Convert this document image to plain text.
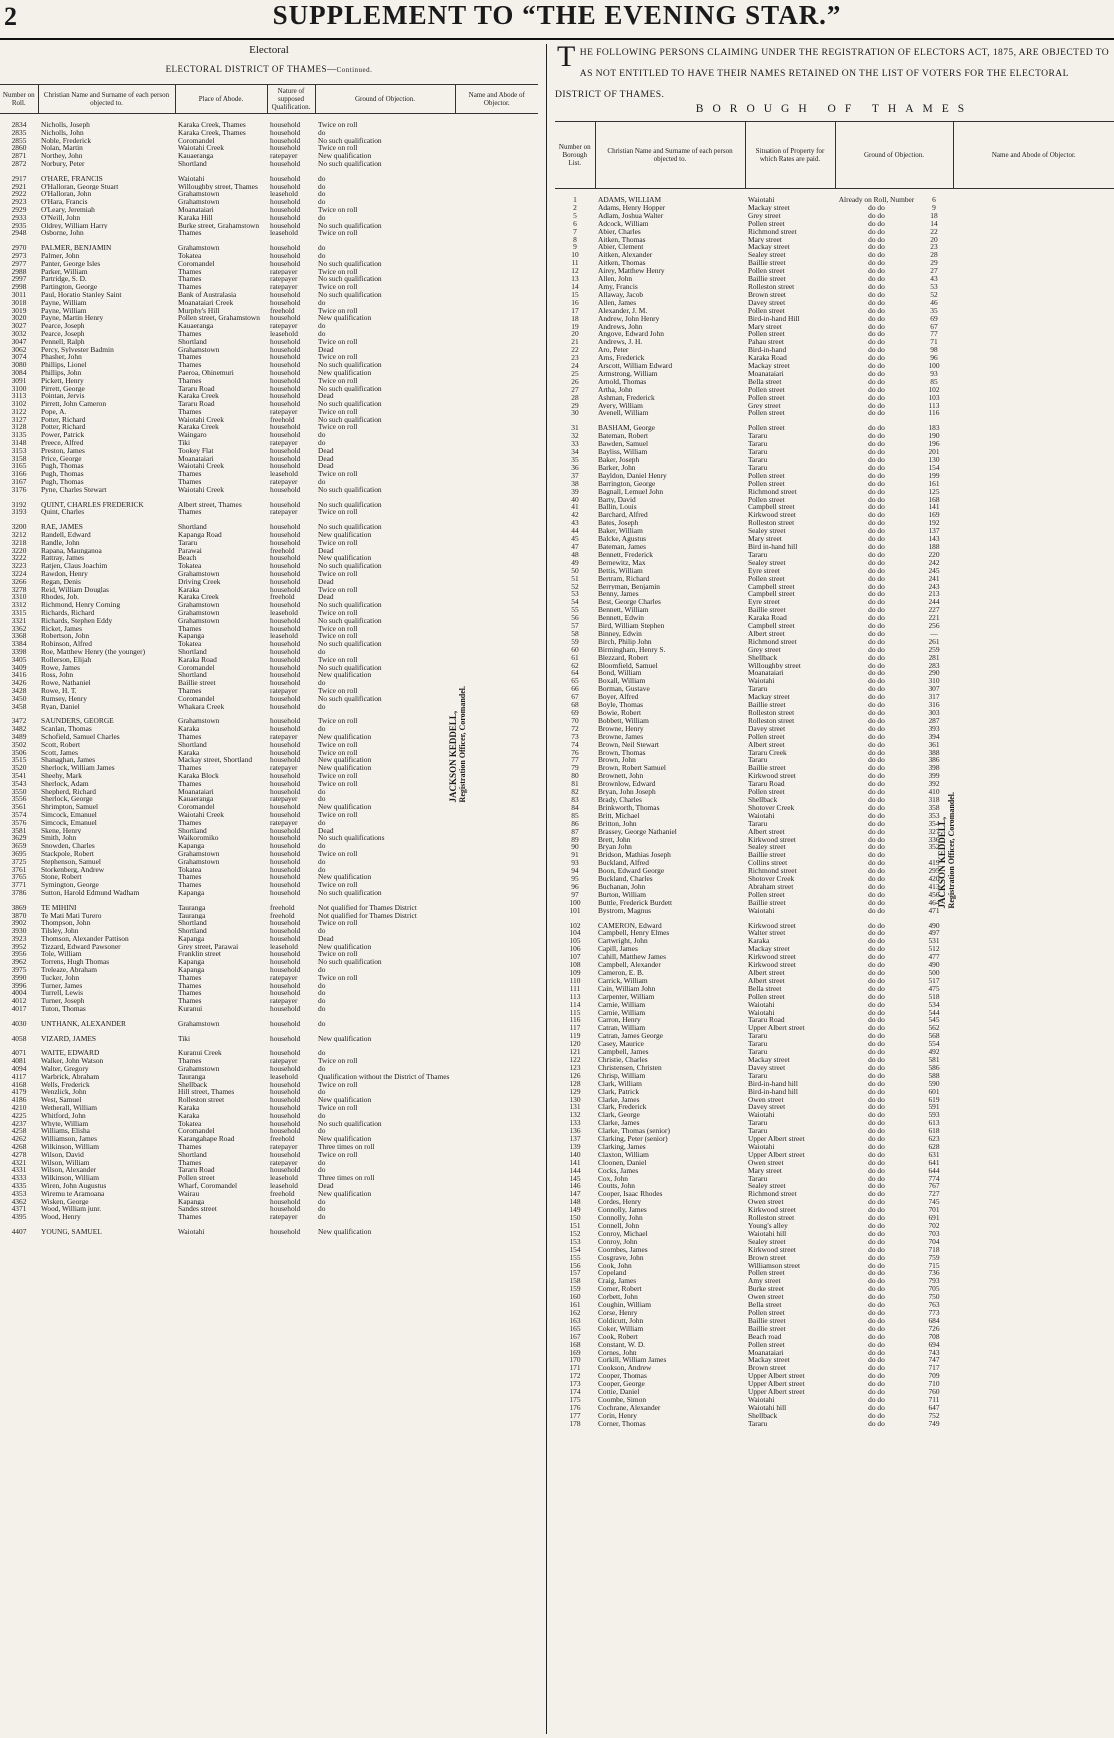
2	SUPPLEMENT TO “THE EVENING STAR.”
Electoral
ELECTORAL DISTRICT OF THAMES—Continued.
Number on Roll.	Christian Name and Surname of each person objected to.	Place of Abode.	Nature of supposed Qualification.	Ground of Objection.	Name and Abode of Objector.

2834	Nicholls, Joseph	Karaka Creek, Thames	household	Twice on roll	
2835	Nicholls, John	Karaka Creek, Thames	household	do	
2855	Noble, Frederick	Coromandel	household	No such qualification	
2860	Nolan, Martin	Waiotahi Creek	household	Twice on roll	
2871	Northey, John	Kauaeranga	ratepayer	New qualification	
2872	Norbury, Peter	Shortland	household	No such qualification	

2917	O'HARE, FRANCIS	Waiotahi	household	do	
2921	O'Halloran, George Stuart	Willoughby street, Thames	household	do	
2922	O'Halloran, John	Grahamstown	leasehold	do	
2923	O'Hara, Francis	Grahamstown	household	do	
2929	O'Leary, Jeremiah	Moanataiari	household	Twice on roll	
2933	O'Neill, John	Karaka Hill	household	do	
2935	Oldrey, William Harry	Burke street, Grahamstown	household	No such qualification	
2948	Osborne, John	Thames	leasehold	Twice on roll	

2970	PALMER, BENJAMIN	Grahamstown	household	do	
2973	Palmer, John	Tokatea	household	do	
2977	Panter, George Isles	Coromandel	household	No such qualification	
2988	Parker, William	Thames	ratepayer	Twice on roll	
2997	Partridge, S. D.	Thames	ratepayer	No such qualification	
2998	Partington, George	Thames	ratepayer	Twice on roll	
3011	Paul, Horatio Stanley Saint	Bank of Australasia	household	No such qualification	
3018	Payne, William	Moanataiari Creek	household	do	
3019	Payne, William	Murphy's Hill	freehold	Twice on roll	
3020	Payne, Martin Henry	Pollen street, Grahamstown	household	New qualification	
3027	Pearce, Joseph	Kauaeranga	ratepayer	do	
3032	Pearce, Joseph	Thames	leasehold	do	
3047	Pennell, Ralph	Shortland	household	Twice on roll	
3062	Percy, Sylvester Badmin	Grahamstown	household	Dead	
3074	Phasher, John	Thames	household	Twice on roll	
3080	Phillips, Lionel	Thames	household	No such qualification	
3084	Phillips, John	Paeroa, Ohinemuri	household	New qualification	
3091	Pickett, Henry	Thames	household	Twice on roll	
3100	Pirrett, George	Tararu Road	household	No such qualification	
3113	Pointan, Jervis	Karaka Creek	household	Dead	
3102	Pirrett, John Cameron	Tararu Road	household	No such qualification	
3122	Pope, A.	Thames	ratepayer	Twice on roll	
3127	Potter, Richard	Waiotahi Creek	freehold	No such qualification	
3128	Potter, Richard	Karaka Creek	household	Twice on roll	
3135	Power, Patrick	Waingaro	household	do	
3148	Preece, Alfred	Tiki	ratepayer	do	
3153	Preston, James	Tookey Flat	household	Dead	
3158	Price, George	Moanataiari	household	Dead	
3165	Pugh, Thomas	Waiotahi Creek	household	Dead	
3166	Pugh, Thomas	Thames	leasehold	Twice on roll	
3167	Pugh, Thomas	Thames	ratepayer	do	
3176	Pyne, Charles Stewart	Waiotahi Creek	household	No such qualification	

3192	QUINT, CHARLES FREDERICK	Albert street, Thames	household	No such qualification	
3193	Quint, Charles	Thames	ratepayer	Twice on roll	

3200	RAE, JAMES	Shortland	household	No such qualification	
3212	Randell, Edward	Kapanga Road	household	New qualification	
3218	Randle, John	Tararu	household	Twice on roll	
3220	Rapana, Maunganoa	Parawai	freehold	Dead	
3222	Rattray, James	Beach	household	New qualification	
3223	Ratjen, Claus Joachim	Tokatea	household	No such qualification	
3224	Rawdon, Henry	Grahamstown	household	Twice on roll	
3266	Regan, Denis	Driving Creek	household	Dead	
3278	Reid, William Douglas	Karaka	household	Twice on roll	
3310	Rhodes, Job.	Karaka Creek	freehold	Dead	
3312	Richmond, Henry Corning	Grahamstown	household	No such qualification	
3315	Richards, Richard	Grahamstown	leasehold	Twice on roll	
3321	Richards, Stephen Eddy	Grahamstown	household	No such qualification	
3362	Ricket, James	Thames	household	Twice on roll	
3368	Robertson, John	Kapanga	leasehold	Twice on roll	
3384	Robinson, Alfred	Tokatea	household	No such qualification	
3398	Roe, Matthew Henry (the younger)	Shortland	household	do	
3405	Rollerson, Elijah	Karaka Road	household	Twice on roll	
3409	Rowe, James	Coromandel	household	No such qualification	
3416	Ross, John	Shortland	household	New qualification	
3426	Rowe, Nathaniel	Baillie street	household	do	
3428	Rowe, H. T.	Thames	ratepayer	Twice on roll	
3450	Rumsey, Henry	Coromandel	household	No such qualification	
3458	Ryan, Daniel	Whakara Creek	household	do	

3472	SAUNDERS, GEORGE	Grahamstown	household	Twice on roll	
3482	Scanlan, Thomas	Karaka	household	do	
3489	Schofield, Samuel Charles	Thames	ratepayer	New qualification	
3502	Scott, Robert	Shortland	household	Twice on roll	
3506	Scott, James	Karaka	household	Twice on roll	
3515	Shanaghan, James	Mackay street, Shortland	household	New qualification	
3520	Sherlock, William James	Thames	ratepayer	New qualification	
3541	Sheehy, Mark	Karaka Block	household	Twice on roll	
3543	Sherlock, Adam	Thames	household	Twice on roll	
3550	Shepherd, Richard	Moanataiari	household	do	
3556	Sherlock, George	Kauaeranga	ratepayer	do	
3561	Shrimpton, Samuel	Coromandel	household	New qualification	
3574	Simcock, Emanuel	Waiotahi Creek	household	Twice on roll	
3576	Simcock, Emanuel	Thames	ratepayer	do	
3581	Skene, Henry	Shortland	household	Dead	
3629	Smith, John	Waikoromiko	household	No such qualifications	
3659	Snowden, Charles	Kapanga	household	do	
3695	Stackpole, Robert	Grahamstown	household	Twice on roll	
3725	Stephenson, Samuel	Grahamstown	household	do	
3761	Storkenberg, Andrew	Tokatea	household	do	
3765	Stone, Robert	Thames	household	New qualification	
3771	Symington, George	Thames	household	Twice on roll	
3786	Sutton, Harold Edmund Wadham	Kapanga	household	No such qualification	

3869	TE MIHINI	Tauranga	freehold	Not qualified for Thames District	
3870	Te Mati Mati Turero	Tauranga	freehold	Not qualified for Thames District	
3902	Thompson, John	Shortland	household	Twice on roll	
3930	Tilsley, John	Shortland	household	do	
3923	Thomson, Alexander Pattison	Kapanga	household	Dead	
3952	Tizzard, Edward Pawsoner	Grey street, Parawai	leasehold	New qualification	
3956	Tole, William	Franklin street	household	Twice on roll	
3962	Torrens, Hugh Thomas	Kapanga	household	No such qualification	
3975	Treleaze, Abraham	Kapanga	household	do	
3990	Tucker, John	Thames	ratepayer	Twice on roll	
3996	Turner, James	Thames	household	do	
4004	Turrell, Lewis	Thames	household	do	
4012	Turner, Joseph	Thames	ratepayer	do	
4017	Tuton, Thomas	Kuranui	household	do	

4030	UNTHANK, ALEXANDER	Grahamstown	household	do	

4058	VIZARD, JAMES	Tiki	household	New qualification	

4071	WAITE, EDWARD	Kuranui Creek	household	do	
4081	Walker, John Watson	Thames	ratepayer	Twice on roll	
4094	Walter, Gregory	Grahamstown	household	do	
4117	Warbrick, Abraham	Tauranga	leasehold	Qualification without the District of Thames	
4168	Wells, Frederick	Shellback	household	Twice on roll	
4179	Wenzlick, John	Hill street, Thames	household	do	
4186	West, Samuel	Rolleston street	household	New qualification	
4210	Wetherall, William	Karaka	household	Twice on roll	
4225	Whitford, John	Karaka	household	do	
4237	Whyte, William	Tokatea	household	No such qualification	
4258	Williams, Elisha	Coromandel	household	do	
4262	Williamson, James	Karangahape Road	freehold	New qualification	
4268	Wilkinson, William	Thames	ratepayer	Three times on roll	
4278	Wilson, David	Shortland	household	Twice on roll	
4321	Wilson, William	Thames	ratepayer	do	
4331	Wilson, Alexander	Tararu Road	household	do	
4333	Wilkinson, William	Pollen street	leasehold	Three times on roll	
4335	Wiren, John Augustus	Wharf, Coromandel	leasehold	Dead	
4353	Wiremu te Aramoana	Wairau	freehold	New qualification	
4362	Wisken, George	Kapanga	household	do	
4371	Wood, William junr.	Sandes street	household	do	
4395	Wood, Henry	Thames	ratepayer	do	

4407	YOUNG, SAMUEL	Waiotahi	household	New qualification	
JACKSON KEDDELL, Registration Officer, Coromandel.
THE FOLLOWING PERSONS CLAIMING UNDER THE REGISTRATION OF ELECTORS ACT, 1875, ARE OBJECTED TO AS NOT ENTITLED TO HAVE THEIR NAMES RETAINED ON THE LIST OF VOTERS FOR THE ELECTORAL DISTRICT OF THAMES.
BOROUGH OF THAMES
Number on Borough List.	Christian Name and Surname of each person objected to.	Situation of Property for which Rates are paid.	Ground of Objection.		Name and Abode of Objector.

1	ADAMS, WILLIAM	Waiotahi	Already on Roll, Number	6	
2	Adams, Henry Hopper	Mackay street	do do	9	
5	Adlam, Joshua Walter	Grey street	do do	18	
6	Adcock, William	Pollen street	do do	14	
7	Abier, Charles	Richmond street	do do	22	
8	Aitken, Thomas	Mary street	do do	20	
9	Abier, Clement	Mackay street	do do	23	
10	Aitken, Alexander	Sealey street	do do	28	
11	Aitken, Thomas	Baillie street	do do	29	
12	Airey, Matthew Henry	Pollen street	do do	27	
13	Allen, John	Baillie street	do do	43	
14	Amy, Francis	Rolleston street	do do	53	
15	Allaway, Jacob	Brown street	do do	52	
16	Allen, James	Davey street	do do	46	
17	Alexander, J. M.	Pollen street	do do	35	
18	Andrew, John Henry	Bird-in-hand Hill	do do	69	
19	Andrews, John	Mary street	do do	67	
20	Angove, Edward John	Pollen street	do do	77	
21	Andrews, J. H.	Pahau street	do do	71	
22	Aro, Peter	Bird-in-hand	do do	98	
23	Arns, Frederick	Karaka Road	do do	96	
24	Arscott, William Edward	Mackay street	do do	100	
25	Armstrong, William	Moanataiari	do do	93	
26	Arnold, Thomas	Bella street	do do	85	
27	Artha, John	Pollen street	do do	102	
28	Ashman, Frederick	Pollen street	do do	103	
29	Avery, William	Grey street	do do	113	
30	Avenell, William	Pollen street	do do	116	

31	BASHAM, George	Pollen street	do do	183	
32	Bateman, Robert	Tararu	do do	190	
33	Bawden, Samuel	Tararu	do do	196	
34	Bayliss, William	Tararu	do do	201	
35	Baker, Joseph	Tararu	do do	130	
36	Barker, John	Tararu	do do	154	
37	Bayldon, Daniel Henry	Pollen street	do do	199	
38	Barrington, George	Pollen street	do do	161	
39	Bagnall, Lemuel John	Richmond street	do do	125	
40	Barty, David	Pollen street	do do	168	
41	Ballin, Louis	Campbell street	do do	141	
42	Barchard, Alfred	Kirkwood street	do do	169	
43	Bates, Joseph	Rolleston street	do do	192	
44	Baker, William	Sealey street	do do	137	
45	Balcke, Agustus	Mary street	do do	143	
47	Bateman, James	Bird in-hand hill	do do	188	
48	Bennett, Frederick	Tararu	do do	220	
49	Bernewitz, Max	Sealey street	do do	242	
50	Bettis, William	Eyre street	do do	245	
51	Bertram, Richard	Pollen street	do do	241	
52	Berryman, Benjamin	Campbell street	do do	243	
53	Benny, James	Campbell street	do do	213	
54	Best, George Charles	Eyre street	do do	244	
55	Bennett, William	Baillie street	do do	227	
56	Bennett, Edwin	Karaka Road	do do	221	
57	Bird, William Stephen	Campbell street	do do	256	
58	Binney, Edwin	Albert street	do do	—	
59	Birch, Philip John	Richmond street	do do	261	
60	Birmingham, Henry S.	Grey street	do do	259	
61	Blezzard, Robert	Shellback	do do	281	
62	Bloomfield, Samuel	Willoughby street	do do	283	
64	Bond, William	Moanataiari	do do	290	
65	Boxall, William	Waiotahi	do do	310	
66	Borman, Gustave	Tararu	do do	307	
67	Boyer, Alfred	Mackay street	do do	317	
68	Boyle, Thomas	Baillie street	do do	316	
69	Bowie, Robert	Rolleston street	do do	303	
70	Bobbett, William	Rolleston street	do do	287	
72	Browne, Henry	Davey street	do do	393	
73	Browne, James	Pollen street	do do	394	
74	Brown, Neil Stewart	Albert street	do do	361	
76	Brown, Thomas	Tararu Creek	do do	388	
77	Brown, John	Tararu	do do	386	
79	Brown, Robert Samuel	Baillie street	do do	398	
80	Brownett, John	Kirkwood street	do do	399	
81	Brownlow, Edward	Tararu Road	do do	392	
82	Bryan, John Joseph	Pollen street	do do	410	
83	Brady, Charles	Shellback	do do	318	
84	Brinkworth, Thomas	Shotover Creek	do do	358	
85	Britt, Michael	Waiotahi	do do	353	
86	Britton, John	Tararu	do do	354	
87	Brassey, George Nathaniel	Albert street	do do	327	
89	Brett, John	Kirkwood street	do do	336	
90	Bryan John	Sealey street	do do	352	
91	Bridson, Mathias Joseph	Baillie street	do do		
93	Buckland, Alfred	Collins street	do do	419	
94	Boon, Edward George	Richmond street	do do	295	
95	Buckland, Charles	Shotover Creek	do do	420	
96	Buchanan, John	Abraham street	do do	413	
97	Burton, William	Pollen street	do do	456	
100	Buttle, Frederick Burdett	Baillie street	do do	464	
101	Bystrom, Magnus	Waiotahi	do do	471	

102	CAMERON, Edward	Kirkwood street	do do	490	
104	Campbell, Henry Elmes	Walter street	do do	497	
105	Cartwright, John	Karaka	do do	531	
106	Capill, James	Mackay street	do do	512	
107	Cahill, Matthew James	Kirkwood street	do do	477	
108	Campbell, Alexander	Kirkwood street	do do	490	
109	Cameron, E. B.	Albert street	do do	500	
110	Carrick, William	Albert street	do do	517	
111	Cain, William John	Bella street	do do	475	
113	Carpenter, William	Pollen street	do do	518	
114	Carnie, William	Waiotahi	do do	534	
115	Carnie, William	Waiotahi	do do	544	
116	Carron, Henry	Tararu Road	do do	545	
117	Catran, William	Upper Albert street	do do	562	
119	Catran, James George	Tararu	do do	568	
120	Casey, Maurice	Tararu	do do	554	
121	Campbell, James	Tararu	do do	492	
122	Christie, Charles	Mackay street	do do	581	
123	Christensen, Christen	Davey street	do do	586	
126	Chrisp, William	Tararu	do do	588	
128	Clark, William	Bird-in-hand hill	do do	590	
129	Clark, Patrick	Bird-in-hand hill	do do	601	
130	Clarke, James	Owen street	do do	619	
131	Clark, Frederick	Davey street	do do	591	
132	Clark, George	Waiotahi	do do	593	
133	Clarke, James	Tararu	do do	613	
136	Clarke, Thomas (senior)	Tararu	do do	618	
137	Clarking, Peter (senior)	Upper Albert street	do do	623	
139	Clarking, James	Waiotahi	do do	628	
140	Claxton, William	Upper Albert street	do do	631	
141	Cloonen, Daniel	Owen street	do do	641	
144	Cocks, James	Mary street	do do	644	
145	Cox, John	Tararu	do do	774	
146	Coutts, John	Sealey street	do do	767	
147	Cooper, Isaac Rhodes	Richmond street	do do	727	
148	Cordes, Henry	Owen street	do do	745	
149	Connolly, James	Kirkwood street	do do	701	
150	Connolly, John	Rolleston street	do do	691	
151	Connell, John	Young's alley	do do	702	
152	Conroy, Michael	Waiotahi hill	do do	703	
153	Conroy, John	Sealey street	do do	704	
154	Coombes, James	Kirkwood street	do do	718	
155	Cosgrave, John	Brown street	do do	759	
156	Cook, John	Williamson street	do do	715	
157	Copeland	Pollen street	do do	736	
158	Craig, James	Amy street	do do	793	
159	Comer, Robert	Burke street	do do	705	
160	Corbett, John	Owen street	do do	750	
161	Coughin, William	Bella street	do do	763	
162	Corse, Henry	Pollen street	do do	773	
163	Coldicutt, John	Baillie street	do do	684	
165	Coker, William	Baillie street	do do	726	
167	Cook, Robert	Beach road	do do	708	
168	Constant, W. D.	Pollen street	do do	694	
169	Cornes, John	Moanataiari	do do	743	
170	Corkill, William James	Mackay street	do do	747	
171	Cookson, Andrew	Brown street	do do	717	
172	Cooper, Thomas	Upper Albert street	do do	709	
173	Cooper, George	Upper Albert street	do do	710	
174	Cottie, Daniel	Upper Albert street	do do	760	
175	Coombe, Simon	Waiotahi	do do	711	
176	Cochrane, Alexander	Waiotahi hill	do do	647	
177	Corin, Henry	Shellback	do do	752	
178	Corner, Thomas	Tararu	do do	749	
JACKSON KEDDELL, Registration Officer, Coromandel.
